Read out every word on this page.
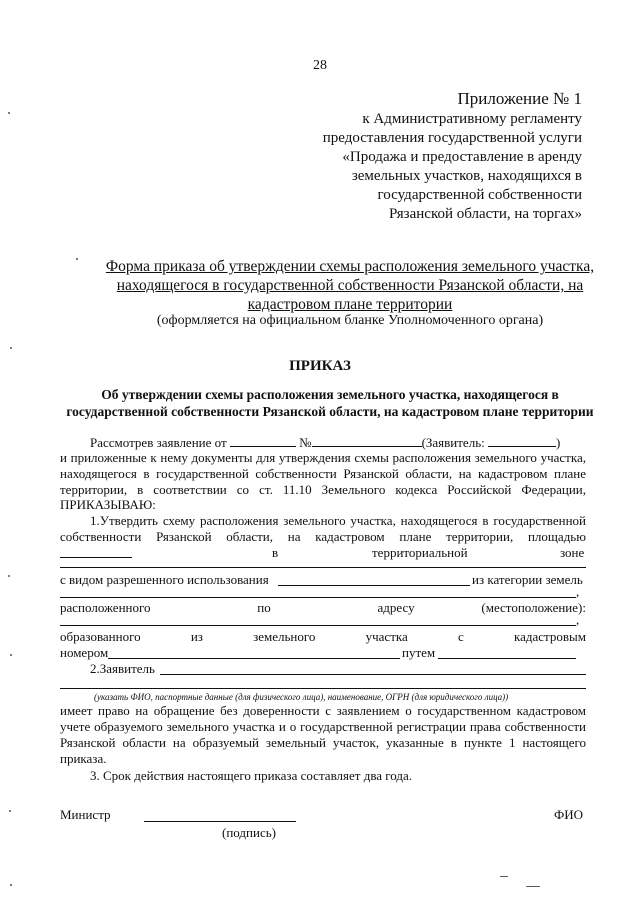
28
Приложение № 1
к Административному регламенту
предоставления государственной услуги
«Продажа и предоставление в аренду
земельных участков, находящихся в
государственной собственности
Рязанской области, на торгах»
Форма приказа об утверждении схемы расположения земельного участка,
находящегося в государственной собственности Рязанской области, на
кадастровом плане территории
(оформляется на официальном бланке Уполномоченного органа)
ПРИКАЗ
Об утверждении схемы расположения земельного участка, находящегося в
государственной собственности Рязанской области, на кадастровом плане территории
Рассмотрев заявление от	№	(Заявитель:	)
и приложенные к нему документы для утверждения схемы расположения земельного участка,
находящегося в государственной собственности Рязанской области, на кадастровом плане
территории, в соответствии со ст. 11.10 Земельного кодекса Российской Федерации,
ПРИКАЗЫВАЮ:
1.Утвердить схему расположения земельного участка, находящегося в государственной
собственности Рязанской области, на кадастровом плане территории, площадью
в	территориальной	зоне
с видом разрешенного использования	из категории земель
,
расположенного	по	адресу	(местоположение):
,
образованного	из	земельного	участка	с	кадастровым
номером	путем
2.Заявитель
(указать ФИО, паспортные данные (для физического лица), наименование, ОГРН (для юридического лица))
имеет право на обращение без доверенности с заявлением о государственном кадастровом
учете образуемого земельного участка и о государственной регистрации права собственности
Рязанской области на образуемый земельный участок, указанные в пункте 1 настоящего
приказа.
3. Срок действия настоящего приказа составляет два года.
Министр
(подпись)
ФИО
